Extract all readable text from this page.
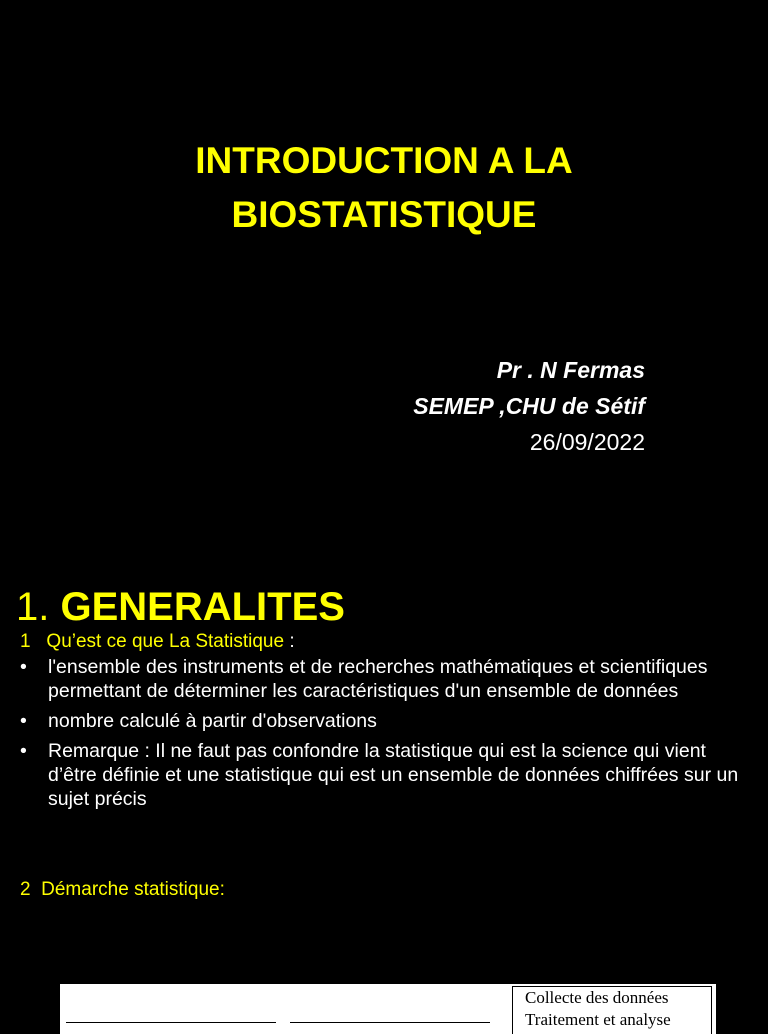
INTRODUCTION A LA
BIOSTATISTIQUE
Pr . N Fermas
SEMEP ,CHU de Sétif
26/09/2022
1. GENERALITES
1 Qu’est ce que La Statistique :
• l'ensemble des instruments et de recherches mathématiques et scientifiques permettant de déterminer les caractéristiques d'un ensemble de données
• nombre calculé à partir d'observations
• Remarque : Il ne faut pas confondre la statistique qui est la science qui vient d’être définie et une statistique qui est un ensemble de données chiffrées sur un sujet précis
2 Démarche statistique:
Collecte des données
Traitement et analyse
